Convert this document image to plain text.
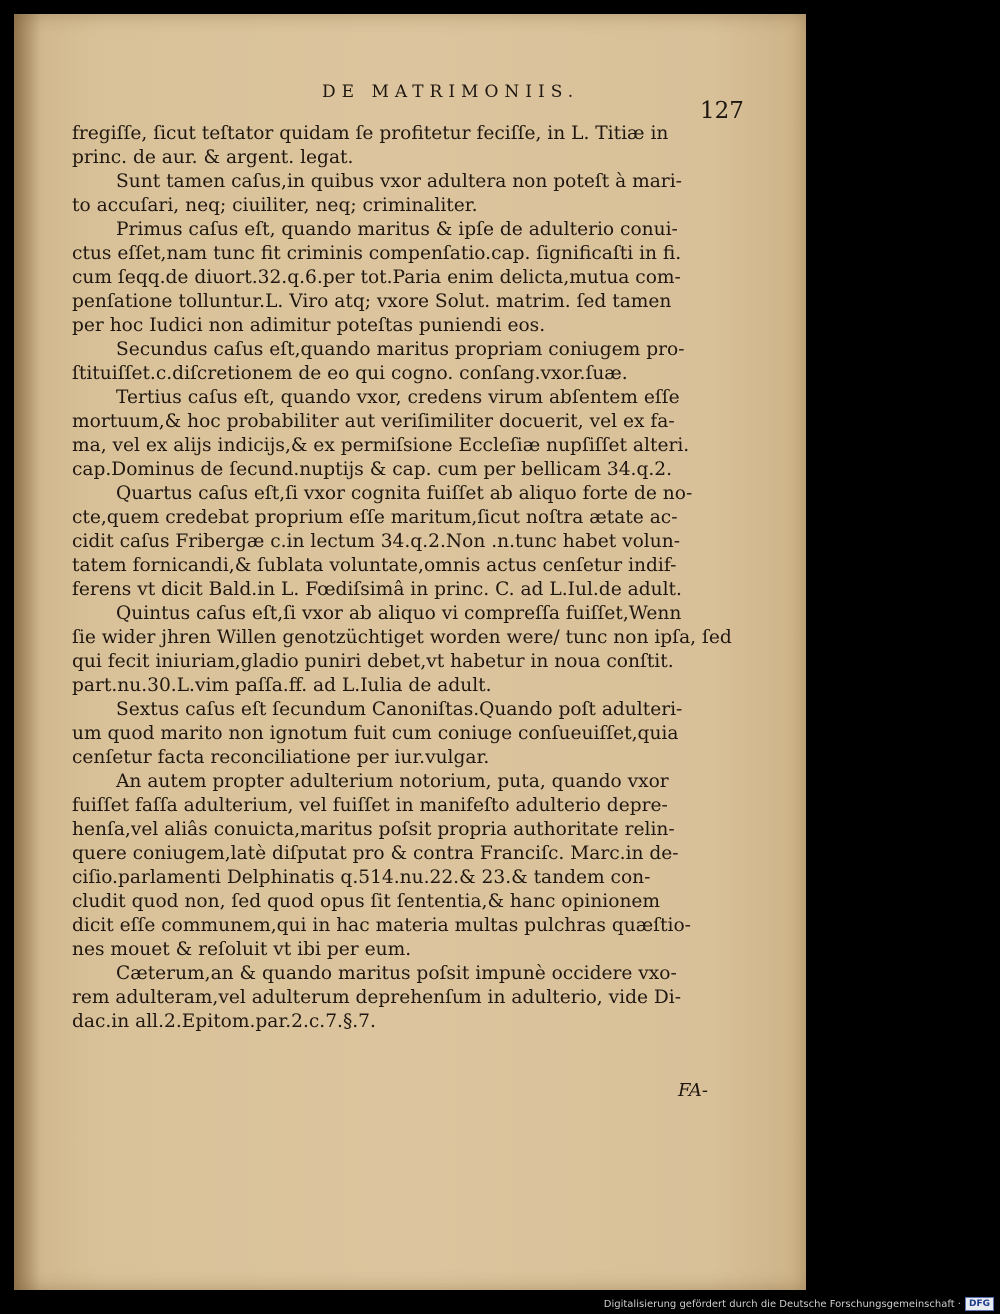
DE MATRIMONIIS.
127
fregiſſe, ſicut teſtator quidam ſe profitetur feciſſe, in L. Titiæ in
princ. de aur. & argent. legat.
Sunt tamen caſus,in quibus vxor adultera non poteſt à mari-
to accuſari, neq; ciuiliter, neq; criminaliter.
Primus caſus eſt, quando maritus & ipſe de adulterio conui-
ctus eſſet,nam tunc fit criminis compenſatio.cap. ſignificaſti in fi.
cum ſeqq.de diuort.32.q.6.per tot.Paria enim delicta,mutua com-
penſatione tolluntur.L. Viro atq; vxore Solut. matrim. ſed tamen
per hoc Iudici non adimitur poteſtas puniendi eos.
Secundus caſus eſt,quando maritus propriam coniugem pro-
ſtituiſſet.c.diſcretionem de eo qui cogno. conſang.vxor.ſuæ.
Tertius caſus eſt, quando vxor, credens virum abſentem eſſe
mortuum,& hoc probabiliter aut veriſimiliter docuerit, vel ex fa-
ma, vel ex alijs indicijs,& ex permiſsione Eccleſiæ nupſiſſet alteri.
cap.Dominus de ſecund.nuptijs & cap. cum per bellicam 34.q.2.
Quartus caſus eſt,ſi vxor cognita fuiſſet ab aliquo forte de no-
cte,quem credebat proprium eſſe maritum,ſicut noſtra ætate ac-
cidit caſus Fribergæ c.in lectum 34.q.2.Non .n.tunc habet volun-
tatem fornicandi,& ſublata voluntate,omnis actus cenſetur indif-
ferens vt dicit Bald.in L. Fœdiſsimâ in princ. C. ad L.Iul.de adult.
Quintus caſus eſt,ſi vxor ab aliquo vi compreſſa fuiſſet,Wenn
ſie wider jhren Willen genotzüchtiget worden were/ tunc non ipſa, ſed
qui fecit iniuriam,gladio puniri debet,vt habetur in noua conſtit.
part.nu.30.L.vim paſſa.ff. ad L.Iulia de adult.
Sextus caſus eſt ſecundum Canoniſtas.Quando poſt adulteri-
um quod marito non ignotum fuit cum coniuge conſueuiſſet,quia
cenſetur facta reconciliatione per iur.vulgar.
An autem propter adulterium notorium, puta, quando vxor
fuiſſet faſſa adulterium, vel fuiſſet in manifeſto adulterio depre-
henſa,vel aliâs conuicta,maritus poſsit propria authoritate relin-
quere coniugem,latè diſputat pro & contra Franciſc. Marc.in de-
ciſio.parlamenti Delphinatis q.514.nu.22.& 23.& tandem con-
cludit quod non, ſed quod opus ſit ſententia,& hanc opinionem
dicit eſſe communem,qui in hac materia multas pulchras quæſtio-
nes mouet & reſoluit vt ibi per eum.
Cæterum,an & quando maritus poſsit impunè occidere vxo-
rem adulteram,vel adulterum deprehenſum in adulterio, vide Di-
dac.in all.2.Epitom.par.2.c.7.§.7.
FA-
Digitalisierung gefördert durch die Deutsche Forschungsgemeinschaft · DFG
